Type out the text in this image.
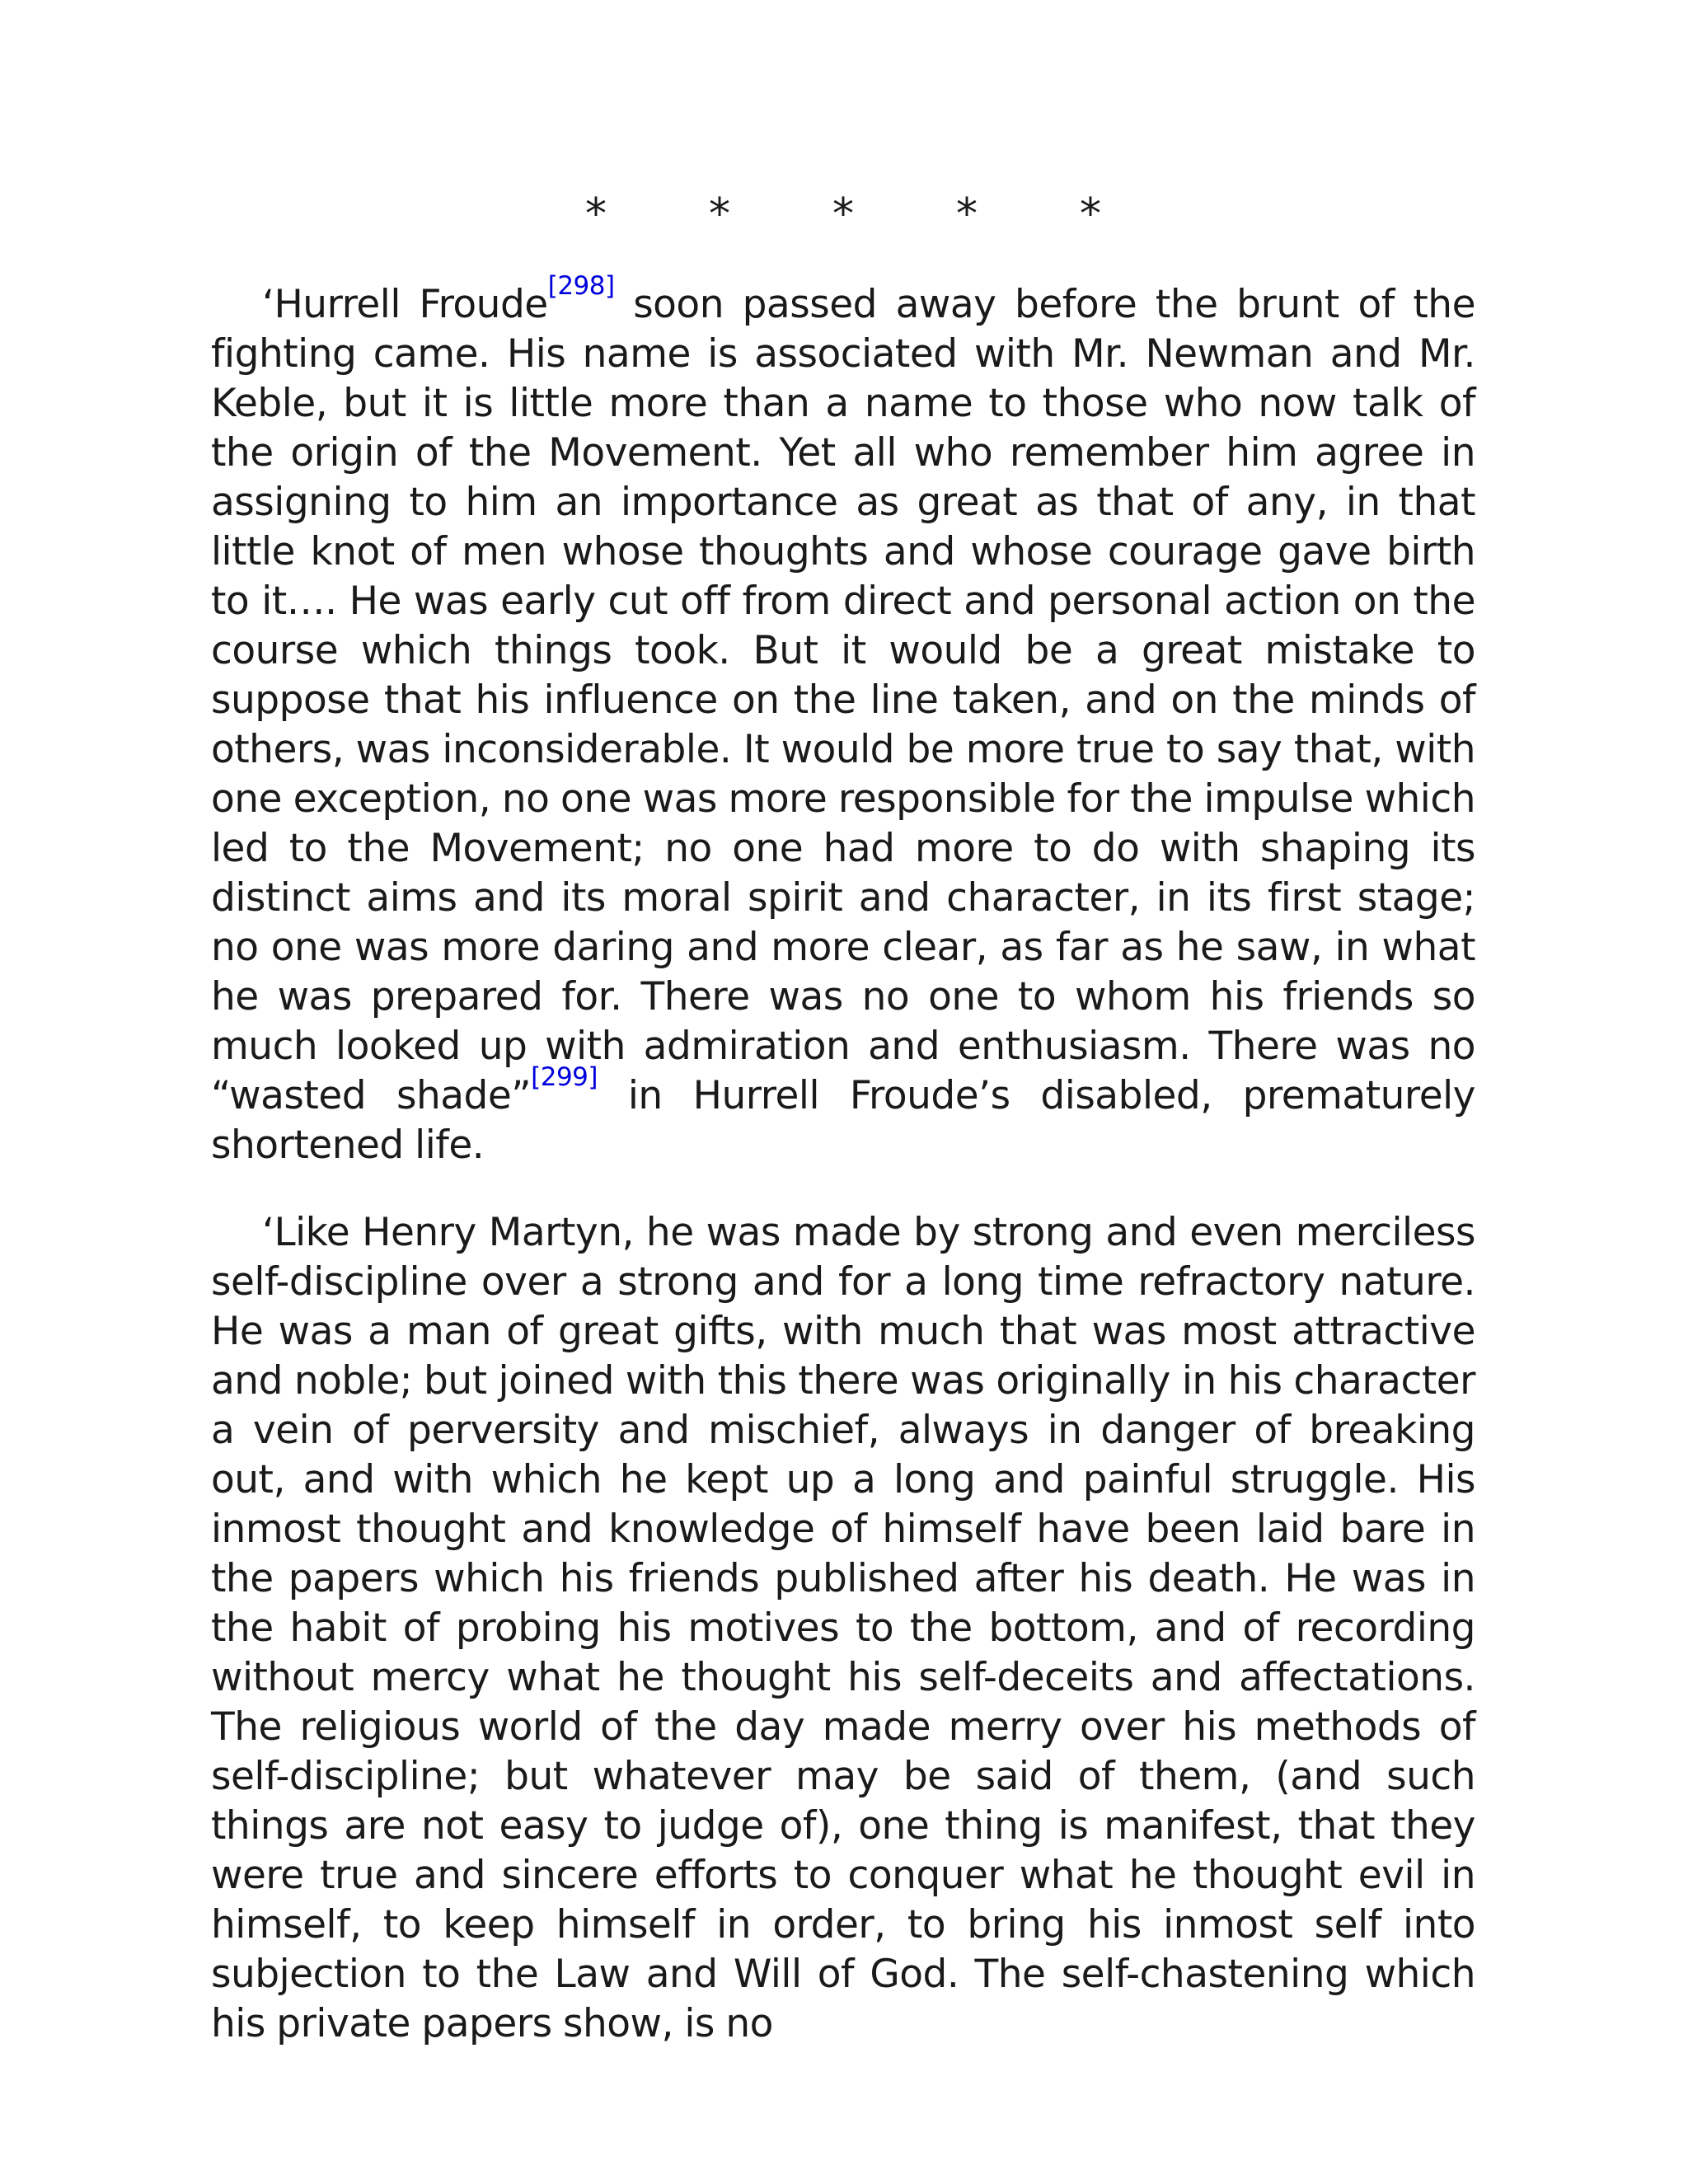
* * * * *

‘Hurrell Froude[298] soon passed away before the brunt of the fighting came. His name is associated with Mr. Newman and Mr. Keble, but it is little more than a name to those who now talk of the origin of the Movement. Yet all who remember him agree in assigning to him an importance as great as that of any, in that little knot of men whose thoughts and whose courage gave birth to it…. He was early cut off from direct and personal action on the course which things took. But it would be a great mistake to suppose that his influence on the line taken, and on the minds of others, was inconsiderable. It would be more true to say that, with one exception, no one was more responsible for the impulse which led to the Movement; no one had more to do with shaping its distinct aims and its moral spirit and character, in its first stage; no one was more daring and more clear, as far as he saw, in what he was prepared for. There was no one to whom his friends so much looked up with admiration and enthusiasm. There was no “wasted shade”[299] in Hurrell Froude’s disabled, prematurely shortened life.

‘Like Henry Martyn, he was made by strong and even merciless self-discipline over a strong and for a long time refractory nature. He was a man of great gifts, with much that was most attractive and noble; but joined with this there was originally in his character a vein of perversity and mischief, always in danger of breaking out, and with which he kept up a long and painful struggle. His inmost thought and knowledge of himself have been laid bare in the papers which his friends published after his death. He was in the habit of probing his motives to the bottom, and of recording without mercy what he thought his self-deceits and affectations. The religious world of the day made merry over his methods of self-discipline; but whatever may be said of them, (and such things are not easy to judge of), one thing is manifest, that they were true and sincere efforts to conquer what he thought evil in himself, to keep himself in order, to bring his inmost self into subjection to the Law and Will of God. The self-chastening which his private papers show, is no
